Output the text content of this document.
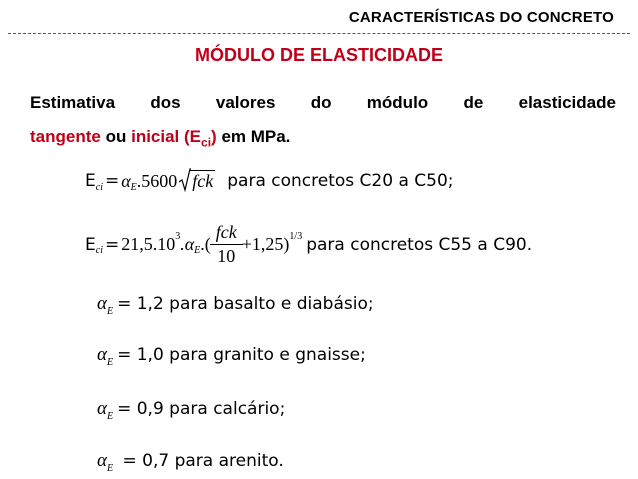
CARACTERÍSTICAS DO CONCRETO
MÓDULO DE ELASTICIDADE
Estimativa dos valores do módulo de elasticidade
tangente ou inicial $(E_{ci})$ em MPa.
E ci = α E .5600 fck para concretos C20 a C50;
E ci = 21,5.10 3 .α E .( $\frac{\text{fck}}{10} +1,25$) 1/3 para concretos C55 a C90.
α E = 1,2 para basalto e diabásio;
α E = 1,0 para granito e gnaisse;
α E = 0,9 para calcário;
α E = 0,7 para arenito.
